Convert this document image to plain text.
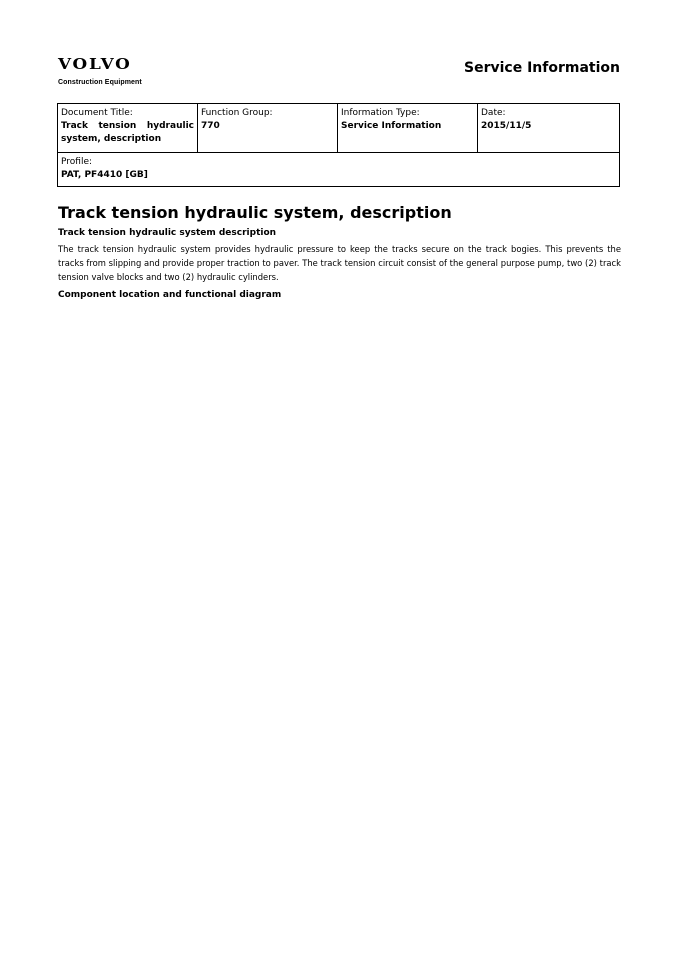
VOLVO
Construction Equipment
Service Information
Document Title:
Track tension hydraulic system, description
Function Group:
770
Information Type:
Service Information
Date:
2015/11/5
Profile:
PAT, PF4410 [GB]
Track tension hydraulic system, description
Track tension hydraulic system description

The track tension hydraulic system provides hydraulic pressure to keep the tracks secure on the track bogies. This prevents the tracks from slipping and provide proper traction to paver. The track tension circuit consist of the general purpose pump, two (2) track tension valve blocks and two (2) hydraulic cylinders.

Component location and functional diagram
